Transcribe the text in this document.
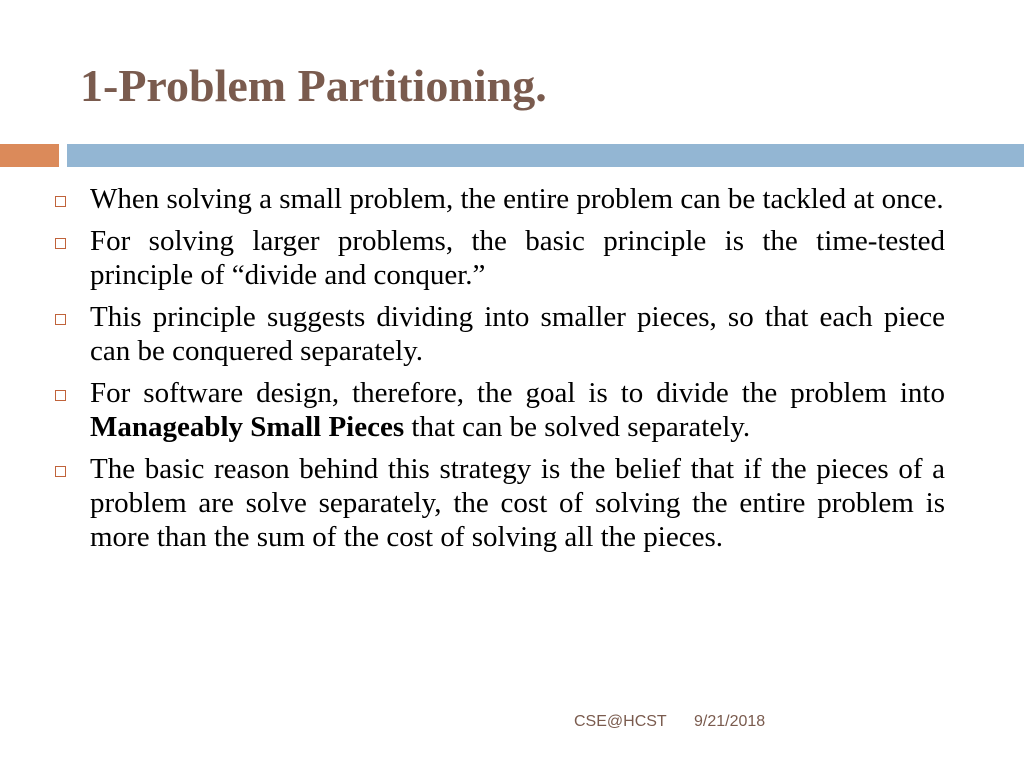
1-Problem Partitioning.
When solving a small problem, the entire problem can be tackled at once.
For solving larger problems, the basic principle is the time-tested principle of “divide and conquer.”
This principle suggests dividing into smaller pieces, so that each piece can be conquered separately.
For software design, therefore, the goal is to divide the problem into Manageably Small Pieces that can be solved separately.
The basic reason behind this strategy is the belief that if the pieces of a problem are solve separately, the cost of solving the entire problem is more than the sum of the cost of solving all the pieces.
CSE@HCST 9/21/2018
